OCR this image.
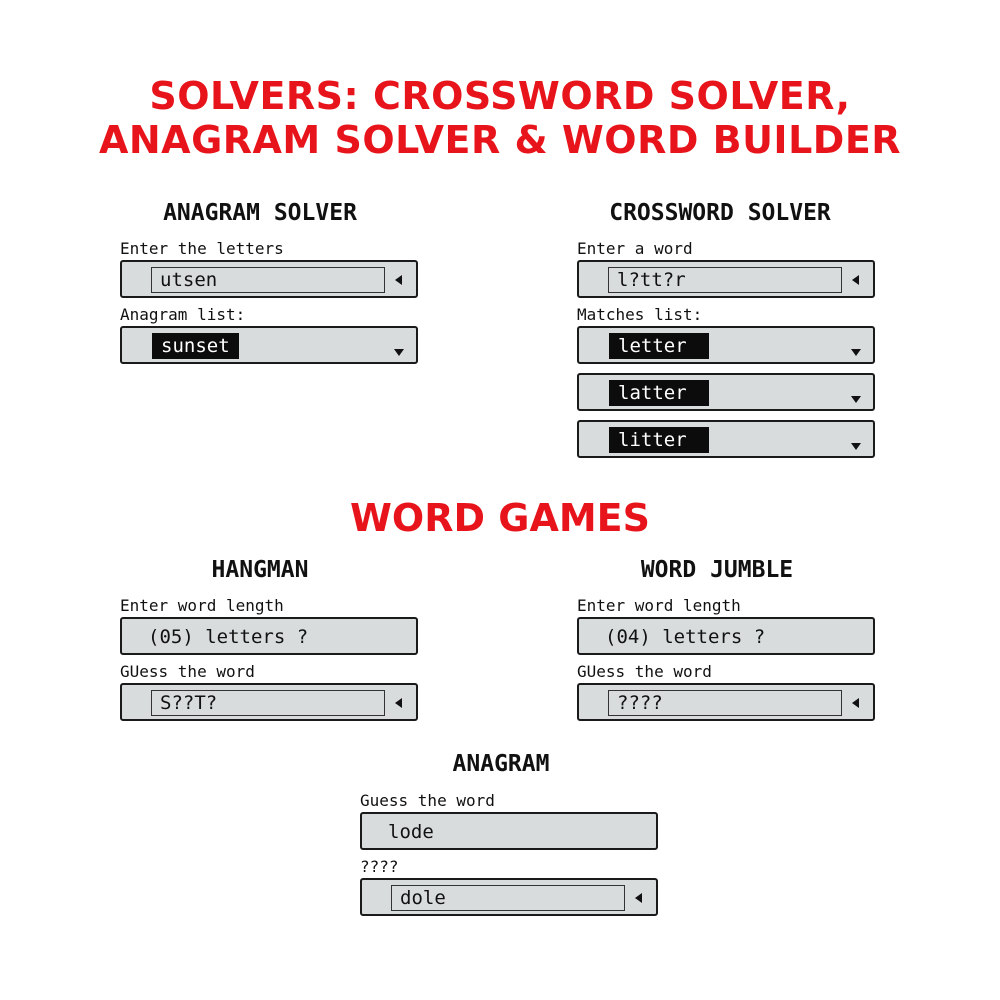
SOLVERS: CROSSWORD SOLVER,
ANAGRAM SOLVER & WORD BUILDER
ANAGRAM SOLVER
Enter the letters
utsen
Anagram list:
sunset
CROSSWORD SOLVER
Enter a word
l?tt?r
Matches list:
letter
latter
litter
WORD GAMES
HANGMAN
Enter word length
(05) letters ?
GUess the word
S??T?
WORD JUMBLE
Enter word length
(04) letters ?
GUess the word
????
ANAGRAM
Guess the word
lode
????
dole
